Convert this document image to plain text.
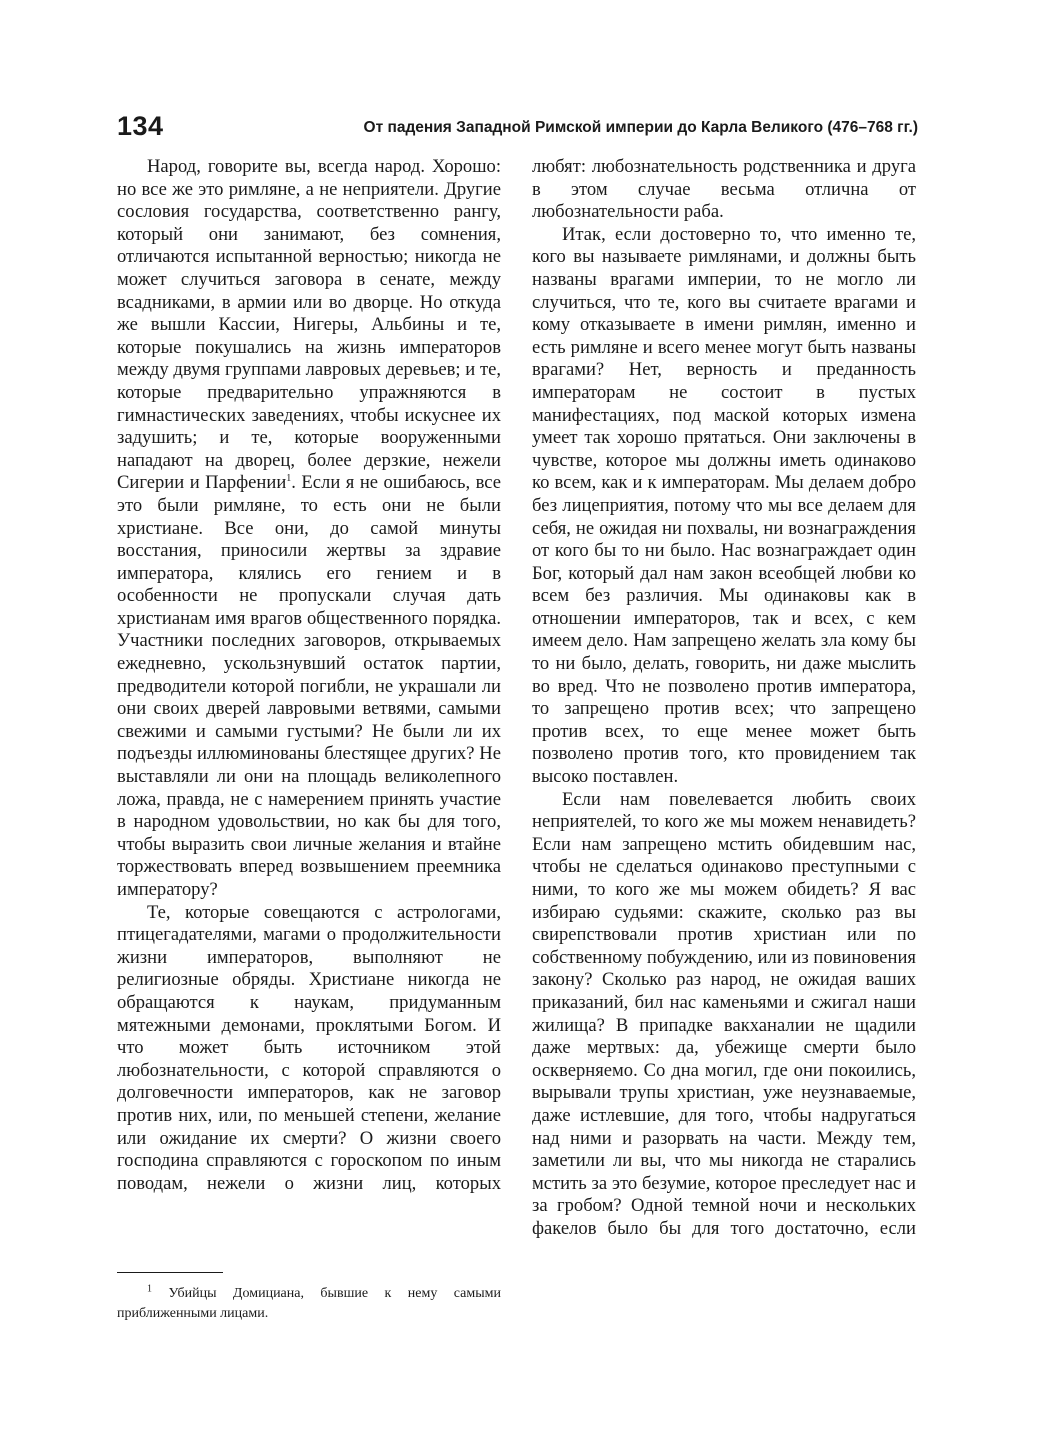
134	От падения Западной Римской империи до Карла Великого (476–768 гг.)

Народ, говорите вы, всегда народ. Хорошо: но все же это римляне, а не неприятели. Другие сословия государства, соответственно рангу, который они занимают, без сомнения, отличаются испытанной верностью; никогда не может случиться заговора в сенате, между всадниками, в армии или во дворце. Но откуда же вышли Кассии, Нигеры, Альбины и те, которые покушались на жизнь императоров между двумя группами лавровых деревьев; и те, которые предварительно упражняются в гимнастических заведениях, чтобы искуснее их задушить; и те, которые вооруженными нападают на дворец, более дерзкие, нежели Сигерии и Парфении$^1$. Если я не ошибаюсь, все это были римляне, то есть они не были христиане. Все они, до самой минуты восстания, приносили жертвы за здравие императора, клялись его гением и в особенности не пропускали случая дать христианам имя врагов общественного порядка. Участники последних заговоров, открываемых ежедневно, ускользнувший остаток партии, предводители которой погибли, не украшали ли они своих дверей лавровыми ветвями, самыми свежими и самыми густыми? Не были ли их подъезды иллюминованы блестящее других? Не выставляли ли они на площадь великолепного ложа, правда, не с намерением принять участие в народном удовольствии, но как бы для того, чтобы выразить свои личные желания и втайне торжествовать вперед возвышением преемника императору?

Те, которые совещаются с астрологами, птицегадателями, магами о продолжительности жизни императоров, выполняют не религиозные обряды. Христиане никогда не обращаются к наукам, придуманным мятежными демонами, проклятыми Богом. И что может быть источником этой любознательности, с которой справляются о долговечности императоров, как не заговор против них, или, по меньшей степени, желание или ожидание их смерти? О жизни своего господина справляются с гороскопом по иным поводам, нежели о жизни лиц, которых

любят: любознательность родственника и друга в этом случае весьма отлична от любознательности раба.

Итак, если достоверно то, что именно те, кого вы называете римлянами, и должны быть названы врагами империи, то не могло ли случиться, что те, кого вы считаете врагами и кому отказываете в имени римлян, именно и есть римляне и всего менее могут быть названы врагами? Нет, верность и преданность императорам не состоит в пустых манифестациях, под маской которых измена умеет так хорошо прятаться. Они заключены в чувстве, которое мы должны иметь одинаково ко всем, как и к императорам. Мы делаем добро без лицеприятия, потому что мы все делаем для себя, не ожидая ни похвалы, ни вознаграждения от кого бы то ни было. Нас вознаграждает один Бог, который дал нам закон всеобщей любви ко всем без различия. Мы одинаковы как в отношении императоров, так и всех, с кем имеем дело. Нам запрещено желать зла кому бы то ни было, делать, говорить, ни даже мыслить во вред. Что не позволено против императора, то запрещено против всех; что запрещено против всех, то еще менее может быть позволено против того, кто провидением так высоко поставлен.

Если нам повелевается любить своих неприятелей, то кого же мы можем ненавидеть? Если нам запрещено мстить обидевшим нас, чтобы не сделаться одинаково преступными с ними, то кого же мы можем обидеть? Я вас избираю судьями: скажите, сколько раз вы свирепствовали против христиан или по собственному побуждению, или из повиновения закону? Сколько раз народ, не ожидая ваших приказаний, бил нас каменьями и сжигал наши жилища? В припадке вакханалии не щадили даже мертвых: да, убежище смерти было оскверняемо. Со дна могил, где они покоились, вырывали трупы христиан, уже неузнаваемые, даже истлевшие, для того, чтобы надругаться над ними и разорвать на части. Между тем, заметили ли вы, что мы никогда не старались мстить за это безумие, которое преследует нас и за гробом? Одной темной ночи и нескольких факелов было бы для того достаточно, если

$^1$ Убийцы Домициана, бывшие к нему самыми приближенными лицами.
